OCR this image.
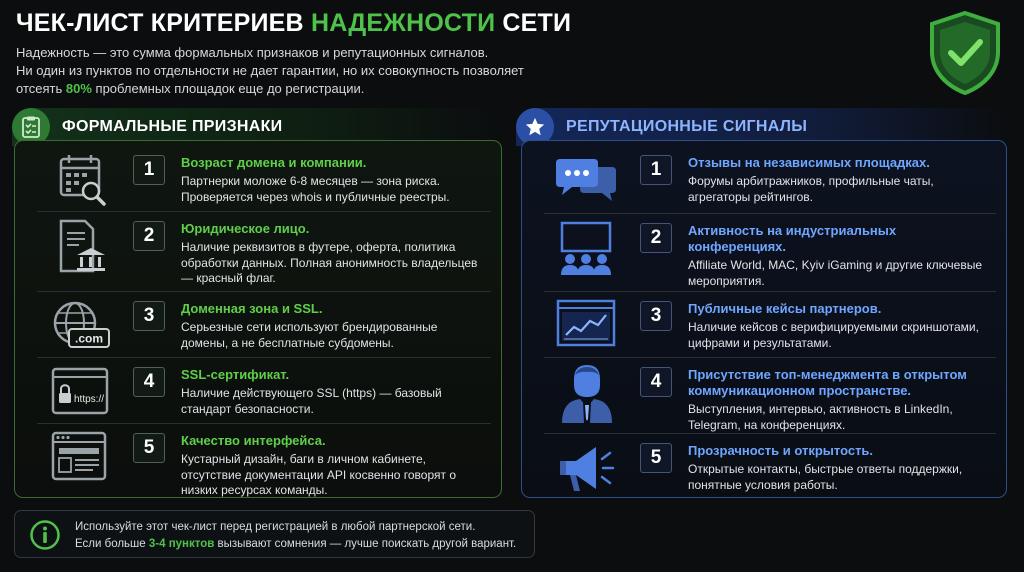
ЧЕК-ЛИСТ КРИТЕРИЕВ НАДЕЖНОСТИ СЕТИ
Надежность — это сумма формальных признаков и репутационных сигналов.
Ни один из пунктов по отдельности не дает гарантии, но их совокупность позволяет
отсеять 80% проблемных площадок еще до регистрации.
ФОРМАЛЬНЫЕ ПРИЗНАКИ	РЕПУТАЦИОННЫЕ СИГНАЛЫ
1	Возраст домена и компании.
Партнерки моложе 6-8 месяцев — зона риска. Проверяется через whois и публичные реестры.
2	Юридическое лицо.
Наличие реквизитов в футере, оферта, политика обработки данных. Полная анонимность владельцев — красный флаг.
.com
3	Доменная зона и SSL.
Серьезные сети используют брендированные домены, а не бесплатные субдомены.
https://
4	SSL-сертификат.
Наличие действующего SSL (https) — базовый стандарт безопасности.
5	Качество интерфейса.
Кустарный дизайн, баги в личном кабинете, отсутствие документации API косвенно говорят о низких ресурсах команды.
1	Отзывы на независимых площадках.
Форумы арбитражников, профильные чаты, агрегаторы рейтингов.
2	Активность на индустриальных конференциях.
Affiliate World, MAC, Kyiv iGaming и другие ключевые мероприятия.
3	Публичные кейсы партнеров.
Наличие кейсов с верифицируемыми скриншотами, цифрами и результатами.
4	Присутствие топ-менеджмента в открытом коммуникационном пространстве.
Выступления, интервью, активность в LinkedIn, Telegram, на конференциях.
5	Прозрачность и открытость.
Открытые контакты, быстрые ответы поддержки, понятные условия работы.
Используйте этот чек-лист перед регистрацией в любой партнерской сети.
Если больше 3-4 пунктов вызывают сомнения — лучше поискать другой вариант.
